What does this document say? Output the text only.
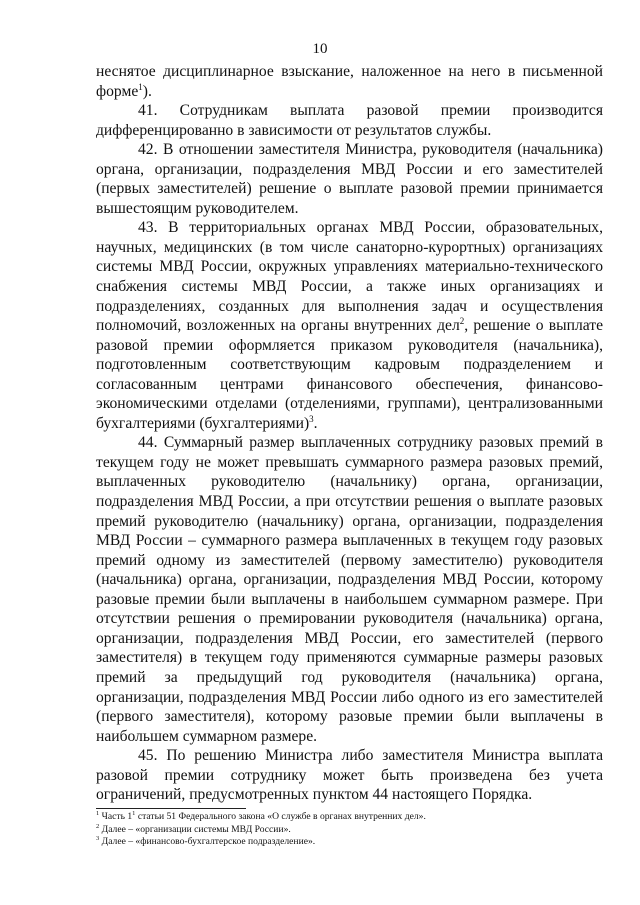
10

неснятое дисциплинарное взыскание, наложенное на него в письменной форме$^1$).

41. Сотрудникам выплата разовой премии производится дифференцированно в зависимости от результатов службы.

42. В отношении заместителя Министра, руководителя (начальника) органа, организации, подразделения МВД России и его заместителей (первых заместителей) решение о выплате разовой премии принимается вышестоящим руководителем.

43. В территориальных органах МВД России, образовательных, научных, медицинских (в том числе санаторно-курортных) организациях системы МВД России, окружных управлениях материально-технического снабжения системы МВД России, а также иных организациях и подразделениях, созданных для выполнения задач и осуществления полномочий, возложенных на органы внутренних дел$^2$, решение о выплате разовой премии оформляется приказом руководителя (начальника), подготовленным соответствующим кадровым подразделением и согласованным центрами финансового обеспечения, финансово-экономическими отделами (отделениями, группами), централизованными бухгалтериями (бухгалтериями)$^3$.

44. Суммарный размер выплаченных сотруднику разовых премий в текущем году не может превышать суммарного размера разовых премий, выплаченных руководителю (начальнику) органа, организации, подразделения МВД России, а при отсутствии решения о выплате разовых премий руководителю (начальнику) органа, организации, подразделения МВД России – суммарного размера выплаченных в текущем году разовых премий одному из заместителей (первому заместителю) руководителя (начальника) органа, организации, подразделения МВД России, которому разовые премии были выплачены в наибольшем суммарном размере. При отсутствии решения о премировании руководителя (начальника) органа, организации, подразделения МВД России, его заместителей (первого заместителя) в текущем году применяются суммарные размеры разовых премий за предыдущий год руководителя (начальника) органа, организации, подразделения МВД России либо одного из его заместителей (первого заместителя), которому разовые премии были выплачены в наибольшем суммарном размере.

45. По решению Министра либо заместителя Министра выплата разовой премии сотруднику может быть произведена без учета ограничений, предусмотренных пунктом 44 настоящего Порядка.

$^1$ Часть $1^1$ статьи 51 Федерального закона «О службе в органах внутренних дел».
$^2$ Далее – «организации системы МВД России».
$^3$ Далее – «финансово-бухгалтерское подразделение».
